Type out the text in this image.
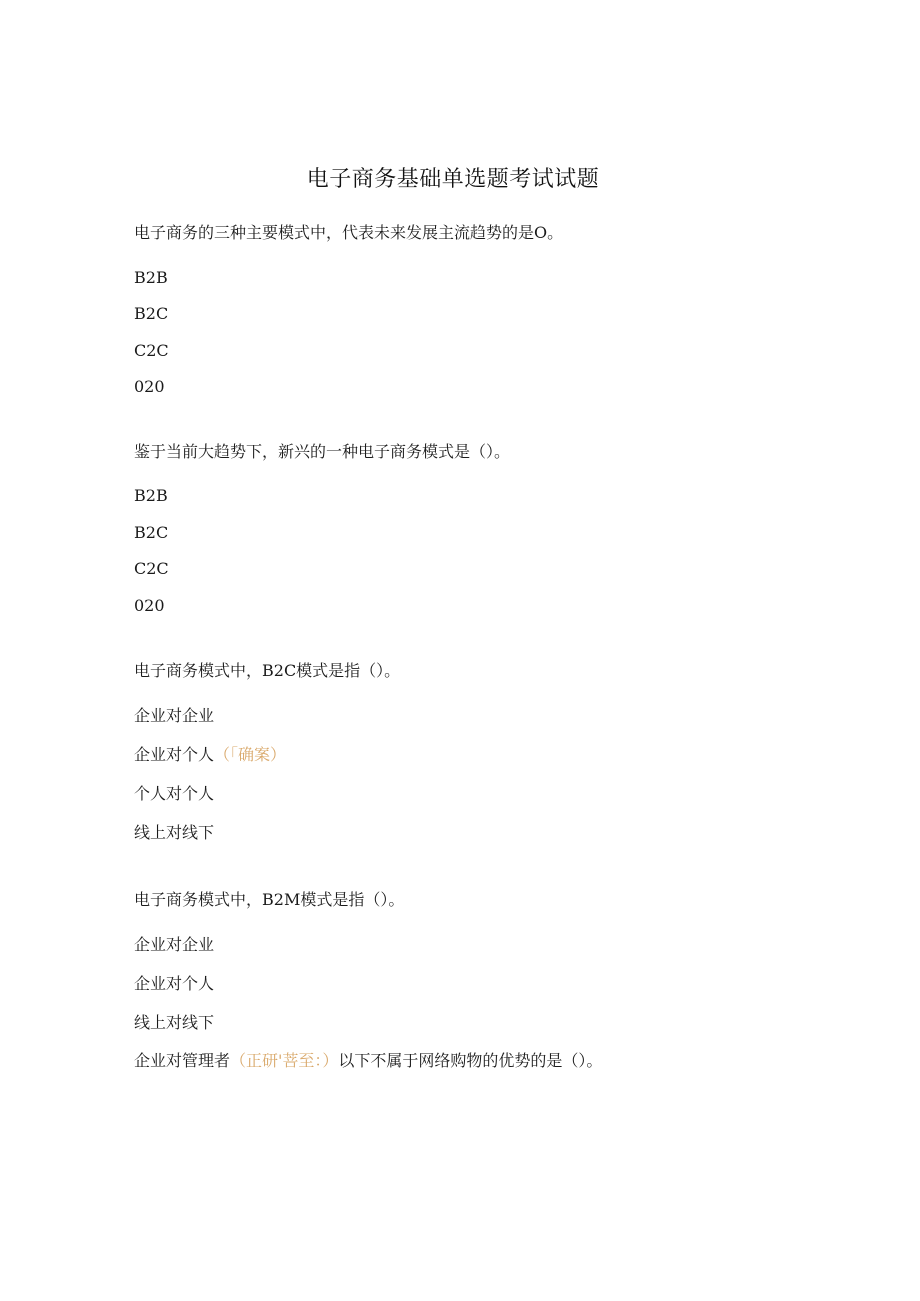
电子商务基础单选题考试试题
电子商务的三种主要模式中，代表未来发展主流趋势的是O。
B2B
B2C
C2C
020
鉴于当前大趋势下，新兴的一种电子商务模式是（）。
B2B
B2C
C2C
020
电子商务模式中，B2C模式是指（）。
企业对企业
企业对个人（「确案）
个人对个人
线上对线下
电子商务模式中，B2M模式是指（）。
企业对企业
企业对个人
线上对线下
企业对管理者（正研'菩至：）以下不属于网络购物的优势的是（）。
